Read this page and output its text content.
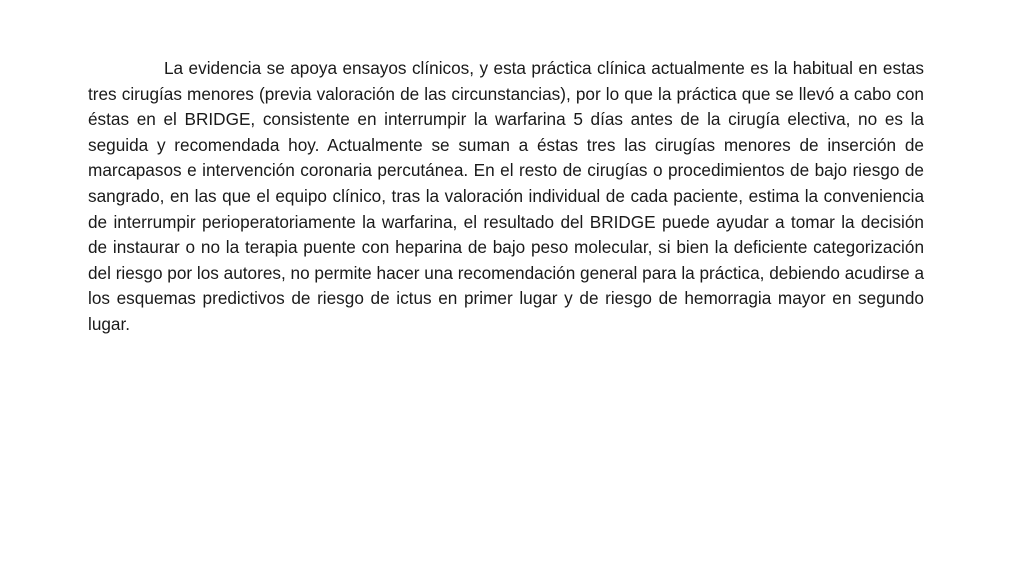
La evidencia se apoya ensayos clínicos, y esta práctica clínica actualmente es la habitual en estas tres cirugías menores (previa valoración de las circunstancias), por lo que la práctica que se llevó a cabo con éstas en el BRIDGE, consistente en interrumpir la warfarina 5 días antes de la cirugía electiva, no es la seguida y recomendada hoy. Actualmente se suman a éstas tres las cirugías menores de inserción de marcapasos e intervención coronaria percutánea. En el resto de cirugías o procedimientos de bajo riesgo de sangrado, en las que el equipo clínico, tras la valoración individual de cada paciente, estima la conveniencia de interrumpir perioperatoriamente la warfarina, el resultado del BRIDGE puede ayudar a tomar la decisión de instaurar o no la terapia puente con heparina de bajo peso molecular, si bien la deficiente categorización del riesgo por los autores, no permite hacer una recomendación general para la práctica, debiendo acudirse a los esquemas predictivos de riesgo de ictus en primer lugar y de riesgo de hemorragia mayor en segundo lugar.
